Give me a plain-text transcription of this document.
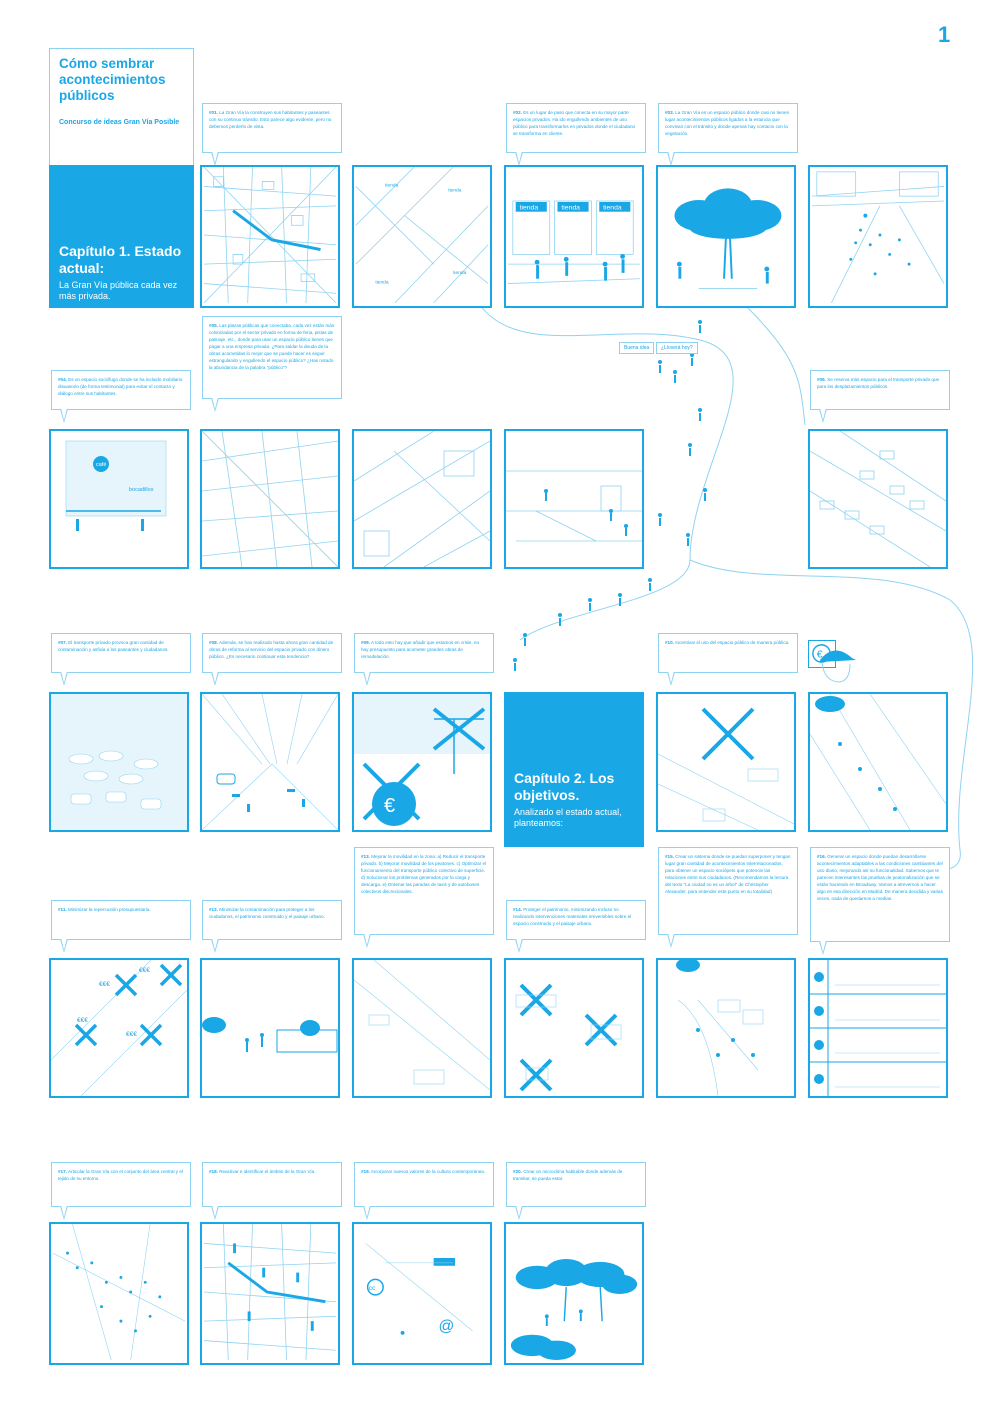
1
Buena idea	¿Lloverá hoy?
Cómo sembrar acontecimientos públicos
Concurso de ideas Gran Vía Posible
Capítulo 1. Estado actual:
La Gran Vía pública cada vez más privada.
#01. La Gran Vía la construyen sus habitantes y paseantes con su continuo tránsito. Esto parece algo evidente, pero no debemos perderlo de vista.
tienda
tienda
tienda
tienda
#02. Es un lugar de paso que conecta en su mayor parte espacios privados. Ha ido engullendo ambientes de uso público para transformarlos en privados donde el ciudadano se transforma en cliente.
tienda	tienda	tienda
#03. La Gran Vía es un espacio público donde casi no tienen lugar acontecimientos públicos ligados a la estancia que convivan con el tránsito y donde apenas hay contacto con la vegetación.
#05. Las plazas públicas que conectaba, cada vez están más colonizadas por el sector privado en forma de feria, pistas de patinaje, etc., donde para usar un espacio público tienes que pagar a una empresa privada. ¿Para saldar la deuda de la obras acometidas lo mejor que se puede hacer es seguir estrangulando y engullendo el espacio público? ¿Has notado la abundancia de la palabra "público"?
#04. Es un espacio sociófugo donde se ha incluido mobiliario disuasorio (de forma testimonial) para evitar el contacto y diálogo entre sus habitantes.
#06. Se reserva más espacio para el transporte privado que para los desplazamientos públicos.
café
bocadillos
#07. El transporte privado provoca gran cantidad de contaminación y asfixia a los paseantes y ciudadanos.
#08. Además, se han realizado hasta ahora gran cantidad de obras de reforma al servicio del espacio privado con dinero público. ¿Es necesario continuar esta tendencia?
#09. A todo esto hay que añadir que estamos en crisis, no hay presupuesto para acometer grandes obras de remodelación.
#10. Incentivar el uso del espacio público de manera pública.
€
€
Capítulo 2. Los objetivos.
Analizado el estado actual, planteamos:
#13. Mejorar la movilidad en la zona: a) Reducir el transporte privado. b) Mejorar movilidad de los peatones. c) Optimizar el funcionamiento del transporte público colectivo de superficie. d) Solucionar los problemas generados por la carga y descarga. e) Ordenar las paradas de taxis y de autobuses colectivos discrecionales.
#15. Crear un sistema donde se puedan superponer y tengan lugar gran cantidad de acontecimientos interrelacionados, para obtener un espacio sociópeto que potencie las relaciones entre sus ciudadanos. (Recomendamos la lectura del texto "La ciudad no es un árbol" de Christopher Alexander, para entender este punto en su totalidad)
#16. Generar un espacio donde puedan desarrollarse acontecimientos adaptables a las condiciones cambiantes del uso diario, mejorando así su funcionalidad. Sabemos que te parecen interesantes las pruebas de peatonalización que se están haciendo en Broadway. Vamos a atrevernos a hacer algo en esa dirección en Madrid. De manera decidida y varias veces, nada de quedarnos a medias.
#11. Minimizar la repercusión presupuestaria.	#12. Minimizar la contaminación para proteger a los ciudadanos, el patrimonio construido y el paisaje urbano.
#14. Proteger el patrimonio, minimizando incluso no realizando intervenciones materiales irreversibles sobre el espacio construido y el paisaje urbano.
€€€
€€€
€€€
€€€
#17. Articular la Gran Vía con el conjunto del área central y el tejido de su entorno.
#18. Reactivar e identificar el ámbito de la Gran Vía.	#19. Incorporar nuevos valores de la cultura contemporánea.	#20. Crear un microclima habitable donde además de transitar, se pueda estar.
cc
@
